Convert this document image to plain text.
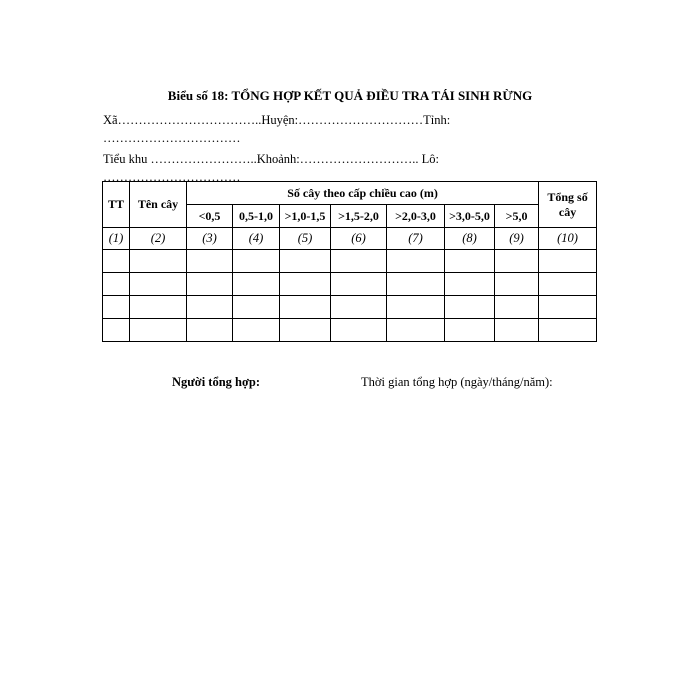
Biểu số 18: TỔNG HỢP KẾT QUẢ ĐIỀU TRA TÁI SINH RỪNG
Xã……………………………..Huyện:…………………………Tỉnh:
……………………………
Tiểu khu ……………………..Khoảnh:……………………….. Lô:
……………………………
TT	Tên cây	Số cây theo cấp chiều cao (m)							Tổng số cây
		<0,5	0,5-1,0	>1,0-1,5	>1,5-2,0	>2,0-3,0	>3,0-5,0	>5,0	
(1)	(2)	(3)	(4)	(5)	(6)	(7)	(8)	(9)	(10)

Người tổng hợp:	Thời gian tổng hợp (ngày/tháng/năm):
